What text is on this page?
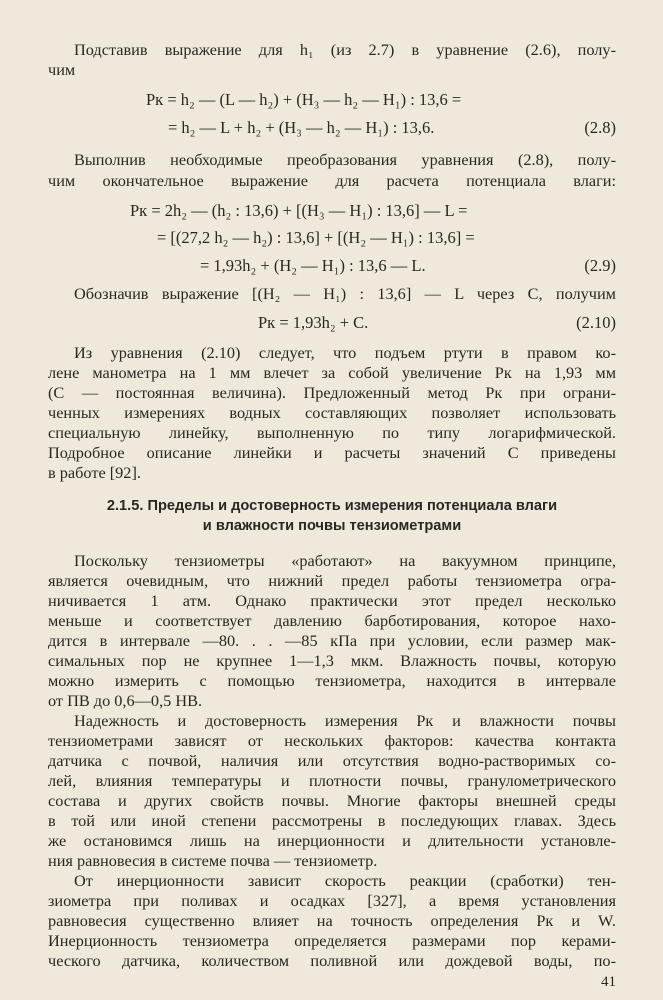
Подставив выражение для h₁ (из 2.7) в уравнение (2.6), полу-
чим
Pк = h₂ — (L — h₂) + (H₃ — h₂ — H₁) : 13,6 =
= h₂ — L + h₂ + (H₃ — h₂ — H₁) : 13,6.	(2.8)
Выполнив необходимые преобразования уравнения (2.8), полу-
чим окончательное выражение для расчета потенциала влаги:
Pк = 2h₂ — (h₂ : 13,6) + [(H₃ — H₁) : 13,6] — L =
= [(27,2 h₂ — h₂) : 13,6] + [(H₂ — H₁) : 13,6] =
= 1,93h₂ + (H₂ — H₁) : 13,6 — L.	(2.9)
Обозначив выражение [(H₂ — H₁) : 13,6] — L через C, получим
Pк = 1,93h₂ + C.	(2.10)
Из уравнения (2.10) следует, что подъем ртути в правом ко-
лене манометра на 1 мм влечет за собой увеличение Pк на 1,93 мм
(C — постоянная величина). Предложенный метод Pк при ограни-
ченных измерениях водных составляющих позволяет использовать
специальную линейку, выполненную по типу логарифмической.
Подробное описание линейки и расчеты значений C приведены
в работе [92].
2.1.5. Пределы и достоверность измерения потенциала влаги
и влажности почвы тензиометрами
Поскольку тензиометры «работают» на вакуумном принципе,
является очевидным, что нижний предел работы тензиометра огра-
ничивается 1 атм. Однако практически этот предел несколько
меньше и соответствует давлению барботирования, которое нахо-
дится в интервале —80. . . —85 кПа при условии, если размер мак-
симальных пор не крупнее 1—1,3 мкм. Влажность почвы, которую
можно измерить с помощью тензиометра, находится в интервале
от ПВ до 0,6—0,5 НВ.
Надежность и достоверность измерения Pк и влажности почвы
тензиометрами зависят от нескольких факторов: качества контакта
датчика с почвой, наличия или отсутствия водно-растворимых со-
лей, влияния температуры и плотности почвы, гранулометрического
состава и других свойств почвы. Многие факторы внешней среды
в той или иной степени рассмотрены в последующих главах. Здесь
же остановимся лишь на инерционности и длительности установле-
ния равновесия в системе почва — тензиометр.
От инерционности зависит скорость реакции (сработки) тен-
зиометра при поливах и осадках [327], а время установления
равновесия существенно влияет на точность определения Pк и W.
Инерционность тензиометра определяется размерами пор керами-
ческого датчика, количеством поливной или дождевой воды, по-
41
